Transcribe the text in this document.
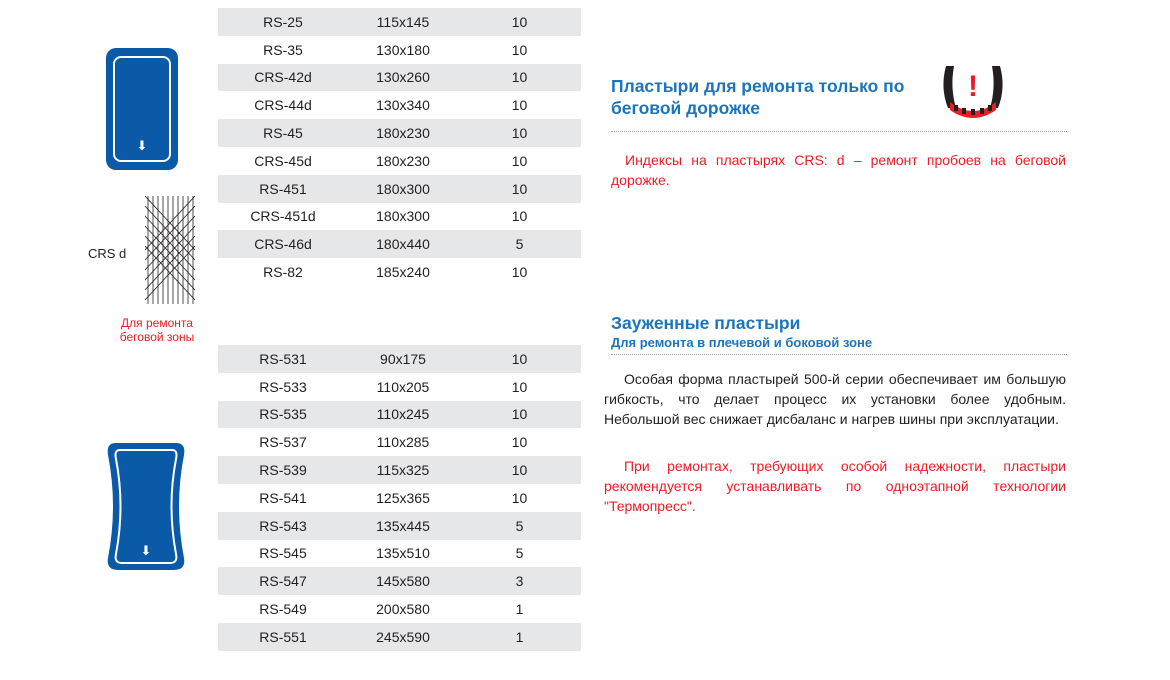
RS-25	115x145	10
RS-35	130x180	10
CRS-42d	130x260	10
CRS-44d	130x340	10
RS-45	180x230	10
CRS-45d	180x230	10
RS-451	180x300	10
CRS-451d	180x300	10
CRS-46d	180x440	5
RS-82	185x240	10
RS-531	90x175	10
RS-533	110x205	10
RS-535	110x245	10
RS-537	110x285	10
RS-539	115x325	10
RS-541	125x365	10
RS-543	135x445	5
RS-545	135x510	5
RS-547	145x580	3
RS-549	200x580	1
RS-551	245x590	1
⬇
CRS d
Для ремонта беговой зоны
⬇
Пластыри для ремонта только по беговой дорожке
!
Индексы на пластырях CRS: d – ремонт пробоев на беговой дорожке.
Зауженные пластыри
Для ремонта в плечевой и боковой зоне
Особая форма пластырей 500-й серии обеспечивает им большую гибкость, что делает процесс их установки более удобным. Небольшой вес снижает дисбаланс и нагрев шины при эксплуатации.
При ремонтах, требующих особой надежности, пластыри рекомендуется устанавливать по одноэтапной технологии "Термопресс".
